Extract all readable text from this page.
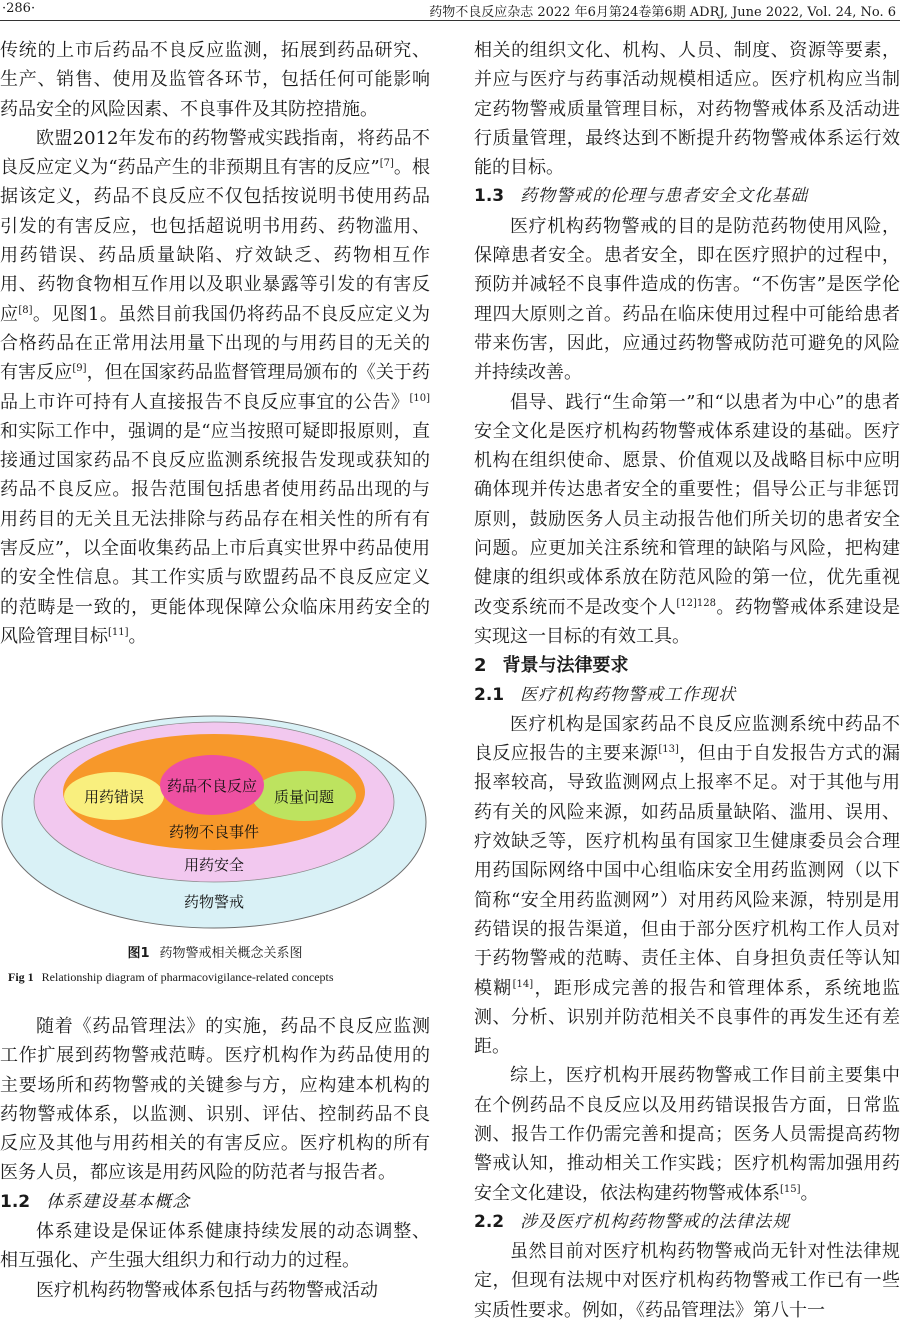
·286·	药物不良反应杂志 2022 年6月第24卷第6期 ADRJ, June 2022, Vol. 24, No. 6

传统的上市后药品不良反应监测，拓展到药品研究、生产、销售、使用及监管各环节，包括任何可能影响药品安全的风险因素、不良事件及其防控措施。

欧盟2012年发布的药物警戒实践指南，将药品不良反应定义为“药品产生的非预期且有害的反应”[7]。根据该定义，药品不良反应不仅包括按说明书使用药品引发的有害反应，也包括超说明书用药、药物滥用、用药错误、药品质量缺陷、疗效缺乏、药物相互作用、药物食物相互作用以及职业暴露等引发的有害反应[8]。见图1。虽然目前我国仍将药品不良反应定义为合格药品在正常用法用量下出现的与用药目的无关的有害反应[9]，但在国家药品监督管理局颁布的《关于药品上市许可持有人直接报告不良反应事宜的公告》[10]和实际工作中，强调的是“应当按照可疑即报原则，直接通过国家药品不良反应监测系统报告发现或获知的药品不良反应。报告范围包括患者使用药品出现的与用药目的无关且无法排除与药品存在相关性的所有有害反应”，以全面收集药品上市后真实世界中药品使用的安全性信息。其工作实质与欧盟药品不良反应定义的范畴是一致的，更能体现保障公众临床用药安全的风险管理目标[11]。

药物警戒
用药安全
药物不良事件
药品不良反应
用药错误	质量问题
图1 药物警戒相关概念关系图
Fig 1 Relationship diagram of pharmacovigilance-related concepts

随着《药品管理法》的实施，药品不良反应监测工作扩展到药物警戒范畴。医疗机构作为药品使用的主要场所和药物警戒的关键参与方，应构建本机构的药物警戒体系，以监测、识别、评估、控制药品不良反应及其他与用药相关的有害反应。医疗机构的所有医务人员，都应该是用药风险的防范者与报告者。

1.2 体系建设基本概念

体系建设是保证体系健康持续发展的动态调整、相互强化、产生强大组织力和行动力的过程。

医疗机构药物警戒体系包括与药物警戒活动

相关的组织文化、机构、人员、制度、资源等要素，并应与医疗与药事活动规模相适应。医疗机构应当制定药物警戒质量管理目标，对药物警戒体系及活动进行质量管理，最终达到不断提升药物警戒体系运行效能的目标。

1.3 药物警戒的伦理与患者安全文化基础

医疗机构药物警戒的目的是防范药物使用风险，保障患者安全。患者安全，即在医疗照护的过程中，预防并减轻不良事件造成的伤害。“不伤害”是医学伦理四大原则之首。药品在临床使用过程中可能给患者带来伤害，因此，应通过药物警戒防范可避免的风险并持续改善。

倡导、践行“生命第一”和“以患者为中心”的患者安全文化是医疗机构药物警戒体系建设的基础。医疗机构在组织使命、愿景、价值观以及战略目标中应明确体现并传达患者安全的重要性；倡导公正与非惩罚原则，鼓励医务人员主动报告他们所关切的患者安全问题。应更加关注系统和管理的缺陷与风险，把构建健康的组织或体系放在防范风险的第一位，优先重视改变系统而不是改变个人$^{[12]128}$。药物警戒体系建设是实现这一目标的有效工具。

2 背景与法律要求

2.1 医疗机构药物警戒工作现状

医疗机构是国家药品不良反应监测系统中药品不良反应报告的主要来源[13]，但由于自发报告方式的漏报率较高，导致监测网点上报率不足。对于其他与用药有关的风险来源，如药品质量缺陷、滥用、误用、疗效缺乏等，医疗机构虽有国家卫生健康委员会合理用药国际网络中国中心组临床安全用药监测网（以下简称“安全用药监测网”）对用药风险来源，特别是用药错误的报告渠道，但由于部分医疗机构工作人员对于药物警戒的范畴、责任主体、自身担负责任等认知模糊[14]，距形成完善的报告和管理体系，系统地监测、分析、识别并防范相关不良事件的再发生还有差距。

综上，医疗机构开展药物警戒工作目前主要集中在个例药品不良反应以及用药错误报告方面，日常监测、报告工作仍需完善和提高；医务人员需提高药物警戒认知，推动相关工作实践；医疗机构需加强用药安全文化建设，依法构建药物警戒体系[15]。

2.2 涉及医疗机构药物警戒的法律法规

虽然目前对医疗机构药物警戒尚无针对性法律规定，但现有法规中对医疗机构药物警戒工作已有一些实质性要求。例如，《药品管理法》第八十一
